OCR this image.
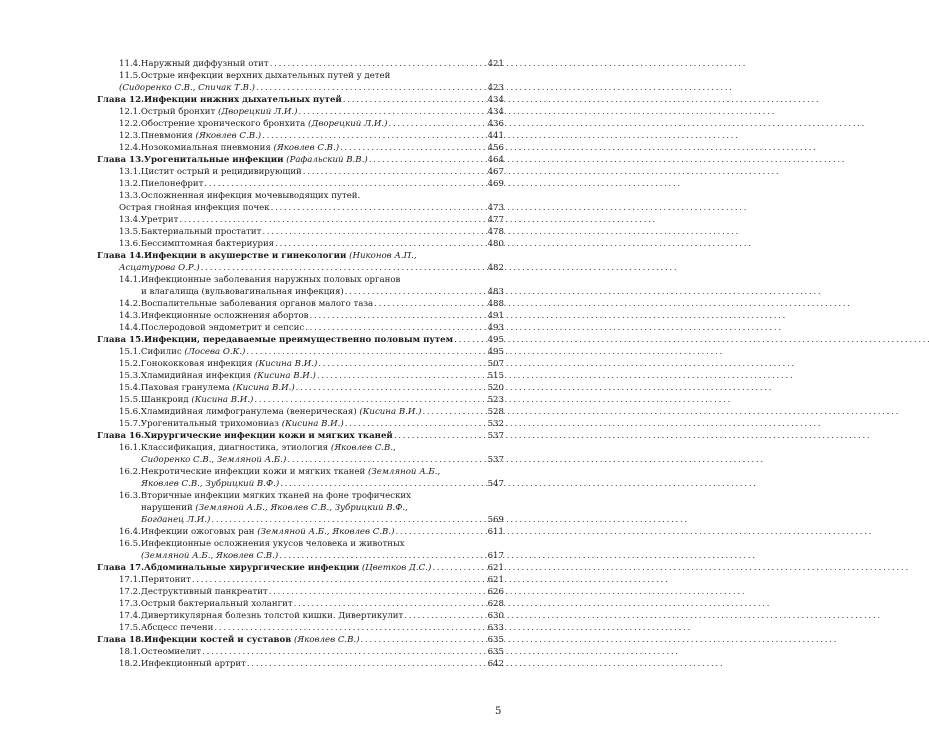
11.4. Наружный диффузный отит . . .	421
11.5. Острые инфекции верхних дыхательных путей у детей
(Сидоренко С.В., Спичак Т.В.) . . .	423
Глава 12. Инфекции нижних дыхательных путей . . .	434
12.1. Острый бронхит (Дворецкий Л.И.) . . .	434
12.2. Обострение хронического бронхита (Дворецкий Л.И.) . . .	436
12.3. Пневмония (Яковлев С.В.) . . .	441
12.4. Нозокомиальная пневмония (Яковлев С.В.) . . .	456
Глава 13. Урогенитальные инфекции (Рафальский В.В.) . . .	464
13.1. Цистит острый и рецидивирующий . . .	467
13.2. Пиелонефрит . . .	469
13.3. Осложненная инфекция мочевыводящих путей.
Острая гнойная инфекция почек . . .	473
13.4. Уретрит . . .	477
13.5. Бактериальный простатит . . .	478
13.6. Бессимптомная бактериурия . . .	480
Глава 14. Инфекции в акушерстве и гинекологии (Никонов А.П.,
Асцатурова О.Р.) . . .	482
14.1. Инфекционные заболевания наружных половых органов
и влагалища (вульвовагинальная инфекция) . . .	483
14.2. Воспалительные заболевания органов малого таза . . .	488
14.3. Инфекционные осложнения абортов . . .	491
14.4. Послеродовой эндометрит и сепсис . . .	493
Глава 15. Инфекции, передаваемые преимущественно половым путем . . .	495
15.1. Сифилис (Лосева О.К.) . . .	495
15.2. Гонококковая инфекция (Кисина В.И.) . . .	507
15.3. Хламидийная инфекция (Кисина В.И.) . . .	515
15.4. Паховая гранулема (Кисина В.И.) . . .	520
15.5. Шанкроид (Кисина В.И.) . . .	523
15.6. Хламидийная лимфогранулема (венерическая) (Кисина В.И.) . . .	528
15.7. Урогенитальный трихомониаз (Кисина В.И.) . . .	532
Глава 16. Хирургические инфекции кожи и мягких тканей . . .	537
16.1. Классификация, диагностика, этиология (Яковлев С.В.,
Сидоренко С.В., Земляной А.Б.) . . .	537
16.2. Некротические инфекции кожи и мягких тканей (Земляной А.Б.,
Яковлев С.В., Зубрицкий В.Ф.) . . .	547
16.3. Вторичные инфекции мягких тканей на фоне трофических
нарушений (Земляной А.Б., Яковлев С.В., Зубрицкий В.Ф.,
Богданец Л.И.) . . .	569
16.4. Инфекции ожоговых ран (Земляной А.Б., Яковлев С.В.) . . .	611
16.5. Инфекционные осложнения укусов человека и животных
(Земляной А.Б., Яковлев С.В.) . . .	617
Глава 17. Абдоминальные хирургические инфекции (Цветков Д.С.) . . .	621
17.1. Перитонит . . .	621
17.2. Деструктивный панкреатит . . .	626
17.3. Острый бактериальный холангит . . .	628
17.4. Дивертикулярная болезнь толстой кишки. Дивертикулит . . .	630
17.5. Абсцесс печени . . .	633
Глава 18. Инфекции костей и суставов (Яковлев С.В.) . . .	635
18.1. Остеомиелит . . .	635
18.2. Инфекционный артрит . . .	642
5
